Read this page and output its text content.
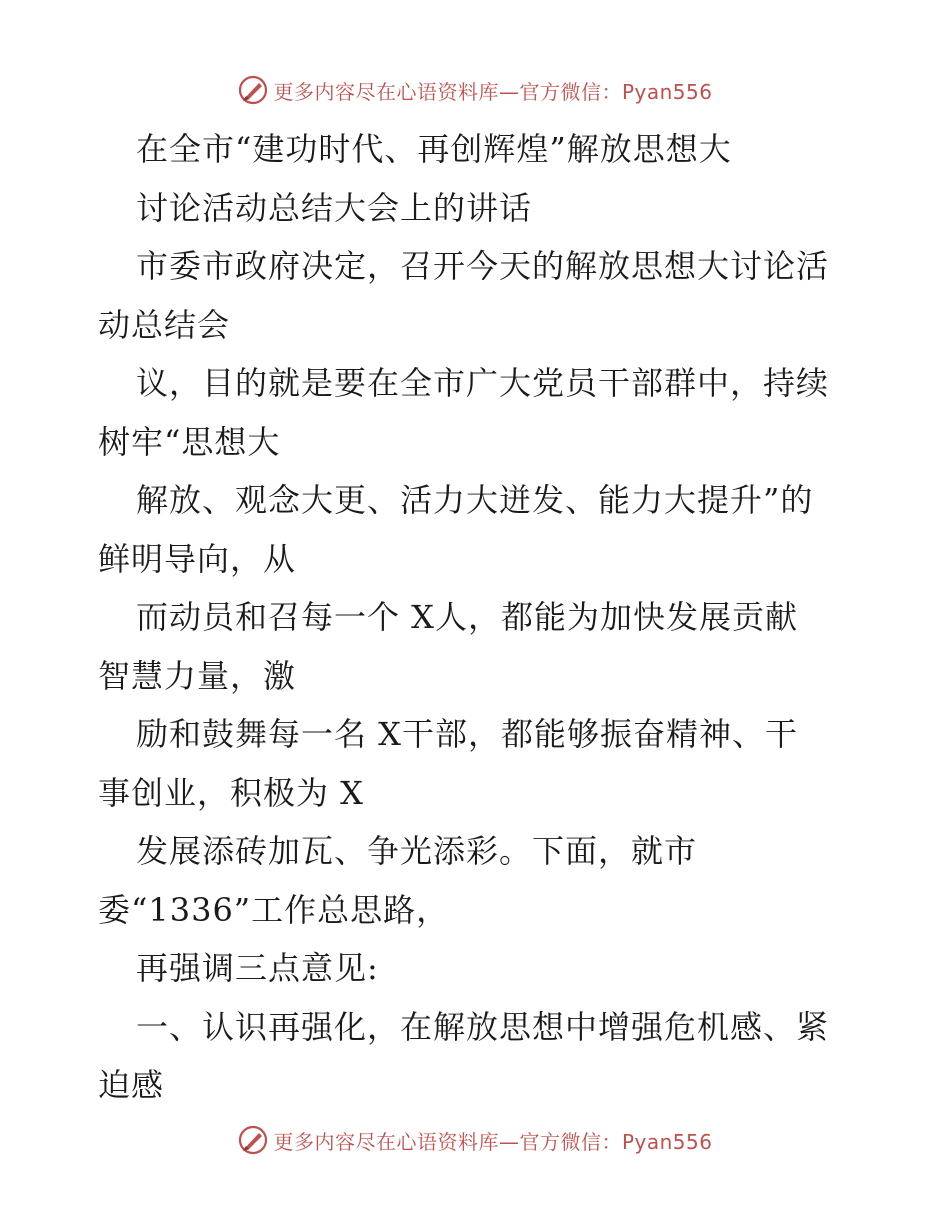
更多内容尽在心语资料库—官方微信：Pyan556
在全市“建功时代、再创辉煌”解放思想大
讨论活动总结大会上的讲话
市委市政府决定，召开今天的解放思想大讨论活
动总结会
议，目的就是要在全市广大党员干部群中，持续
树牢“思想大
解放、观念大更、活力大迸发、能力大提升”的
鲜明导向，从
而动员和召每一个 X人，都能为加快发展贡献
智慧力量，激
励和鼓舞每一名 X干部，都能够振奋精神、干
事创业，积极为 X
发展添砖加瓦、争光添彩。下面，就市
委“1336”工作总思路，
再强调三点意见:
一、认识再强化，在解放思想中增强危机感、紧
迫感
更多内容尽在心语资料库—官方微信：Pyan556
